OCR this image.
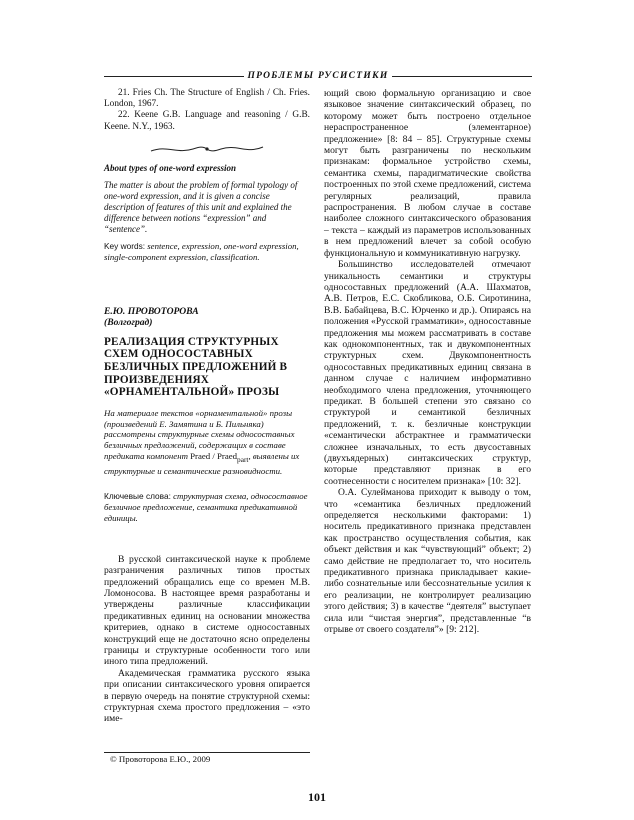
ПРОБЛЕМЫ РУСИСТИКИ

21. Fries Ch. The Structure of English / Ch. Fries. London, 1967.

22. Keene G.B. Language and reasoning / G.B. Keene. N.Y., 1963.

About types of one-word expression

The matter is about the problem of formal typology of one-word expression, and it is given a concise description of features of this unit and explained the difference between notions “expression” and “sentence”.

Key words: sentence, expression, one-word expression, single-component expression, classification.

Е.Ю. ПРОВОТОРОВА
(Волгоград)
РЕАЛИЗАЦИЯ СТРУКТУРНЫХ СХЕМ ОДНОСОСТАВНЫХ БЕЗЛИЧНЫХ ПРЕДЛОЖЕНИЙ В ПРОИЗВЕДЕНИЯХ «ОРНАМЕНТАЛЬНОЙ» ПРОЗЫ

На материале текстов «орнаментальной» прозы (произведений Е. Замятина и Б. Пильняка) рассмотрены структурные схемы односоставных безличных предложений, содержащих в составе предиката компонент Praed / Praed$_{part}$, выявлены их структурные и семантические разновидности.

Ключевые слова: структурная схема, односоставное безличное предложение, семантика предикативной единицы.

В русской синтаксической науке к проблеме разграничения различных типов простых предложений обращались еще со времен М.В. Ломоносова. В настоящее время разработаны и утверждены различные классификации предикативных единиц на основании множества критериев, однако в системе односоставных конструкций еще не достаточно ясно определены границы и структурные особенности того или иного типа предложений.

Академическая грамматика русского языка при описании синтаксического уровня опирается в первую очередь на понятие структурной схемы: структурная схема простого предложения – «это име-

ющий свою формальную организацию и свое языковое значение синтаксический образец, по которому может быть построено отдельное нераспространенное (элементарное) предложение» [8: 84 – 85]. Структурные схемы могут быть разграничены по нескольким признакам: формальное устройство схемы, семантика схемы, парадигматические свойства построенных по этой схеме предложений, система регулярных реализаций, правила распространения. В любом случае в составе наиболее сложного синтаксического образования – текста – каждый из параметров использованных в нем предложений влечет за собой особую функциональную и коммуникативную нагрузку.

Большинство исследователей отмечают уникальность семантики и структуры односоставных предложений (А.А. Шахматов, А.В. Петров, Е.С. Скобликова, О.Б. Сиротинина, В.В. Бабайцева, В.С. Юрченко и др.). Опираясь на положения «Русской грамматики», односоставные предложения мы можем рассматривать в составе как однокомпонентных, так и двукомпонентных структурных схем. Двукомпонентность односоставных предикативных единиц связана в данном случае с наличием информативно необходимого члена предложения, уточняющего предикат. В большей степени это связано со структурой и семантикой безличных предложений, т. к. безличные конструкции «семантически абстрактнее и грамматически сложнее изначальных, то есть двусоставных (двухъядерных) синтаксических структур, которые представляют признак в его соотнесенности с носителем признака» [10: 32].

О.А. Сулейманова приходит к выводу о том, что «семантика безличных предложений определяется несколькими факторами: 1) носитель предикативного признака представлен как пространство осуществления события, как объект действия и как “чувствующий” объект; 2) само действие не предполагает то, что носитель предикативного признака прикладывает какие-либо сознательные или бессознательные усилия к его реализации, не контролирует реализацию этого действия; 3) в качестве “деятеля” выступает сила или “чистая энергия”, представленные “в отрыве от своего создателя”» [9: 212].

© Провоторова Е.Ю., 2009
101
